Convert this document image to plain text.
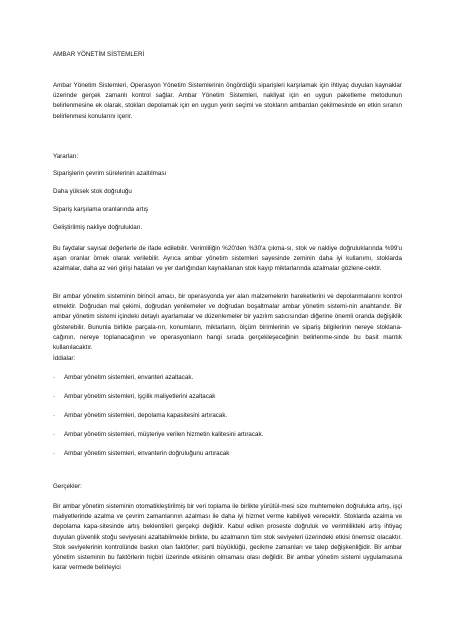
AMBAR YÖNETİM SİSTEMLERİ
Ambar Yönetim Sistemleri, Operasyon Yönetim Sistemlerinin öngördüğü siparişleri karşılamak için ihtiyaç duyulan kaynaklar üzerinde gerçek zamanlı kontrol sağlar. Ambar Yönetim Sistemleri, nakliyat için en uygun paketleme metodunun belirlenmesine ek olarak, stokları depolamak için en uygun yerin seçimi ve stokların ambardan çekilmesinde en etkin sıranın belirlenmesi konularını içerir.
Yararları:
Siparişlerin çevrim sürelerinin azaltılması
Daha yüksek stok doğruluğu
Sipariş karşılama oranlarında artış
Geliştirilmiş nakliye doğrulukları.
Bu faydalar sayısal değerlerle de ifade edilebilir. Verimliliğin %20'den %30'a çıkma-sı, stok ve nakliye doğruluklarında %99'u aşan oranlar örnek olarak verilebilir. Ayrıca ambar yönetim sistemleri sayesinde zeminin daha iyi kullanımı, stoklarda azalmalar, daha az veri girişi hataları ve yer darlığından kaynaklanan stok kayıp miktarlarında azalmalar gözlene-cektir.
Bir ambar yönetim sisteminin birincil amacı, bir operasyonda yer alan malzemelerin hareketlerini ve depolanmalarını kontrol etmektir. Doğrudan mal çekimi, doğrudan yenilemeler ve doğrudan boşaltmalar ambar yönetim sistemi-nin anahtarıdır. Bir ambar yönetim sistemi içindeki detaylı ayarlamalar ve düzenlemeler bir yazılım satıcısından diğerine önemli oranda değişiklik gösterebilir. Bununla birlikte parçala-rın, konumların, miktarların, ölçüm birimlerinin ve sipariş bilgilerinin nereye stoklana-cağının, nereye toplanacağının ve operasyonların hangi sırada gerçekleşeceğinin belirlenme-sinde bu basit mantık kullanılacaktır.
İddialar:
· Ambar yönetim sistemleri, envanteri azaltacak.
· Ambar yönetim sistemleri, işçilik maliyetlerini azaltacak
· Ambar yönetim sistemleri, depolama kapasitesini artıracak.
· Ambar yönetim sistemleri, müşteriye verilen hizmetin kalitesini artıracak.
· Ambar yönetim sistemleri, envanterin doğruluğunu artıracak
Gerçekler:
Bir ambar yönetim sisteminin otomatikleştirilmiş bir veri toplama ile birlikte yürütül-mesi size muhtemelen doğrulukta artış, işçi maliyetlerinde azalma ve çevrim zamanlarının azalması ile daha iyi hizmet verme kabiliyeti verecektir. Stoklarda azalma ve depolama kapa-sitesinde artış beklentileri gerçekçi değildir. Kabul edilen proseste doğruluk ve verimlilikteki artış ihtiyaç duyulan güvenlik stoğu seviyesini azaltabilmekle birlikte, bu azalmanın tüm stok seviyeleri üzerindeki etkisi önemsiz olacaktır. Stok seviyelerinin kontrolünde baskın olan faktörler; parti büyüklüğü, gecikme zamanları ve talep değişkenliğidir. Bir ambar yönetim sisteminin bu faktörlerin hiçbiri üzerinde etkisinin olmaması olası değildir. Bir ambar yönetim sistemi uygulamasına karar vermede belirleyici
